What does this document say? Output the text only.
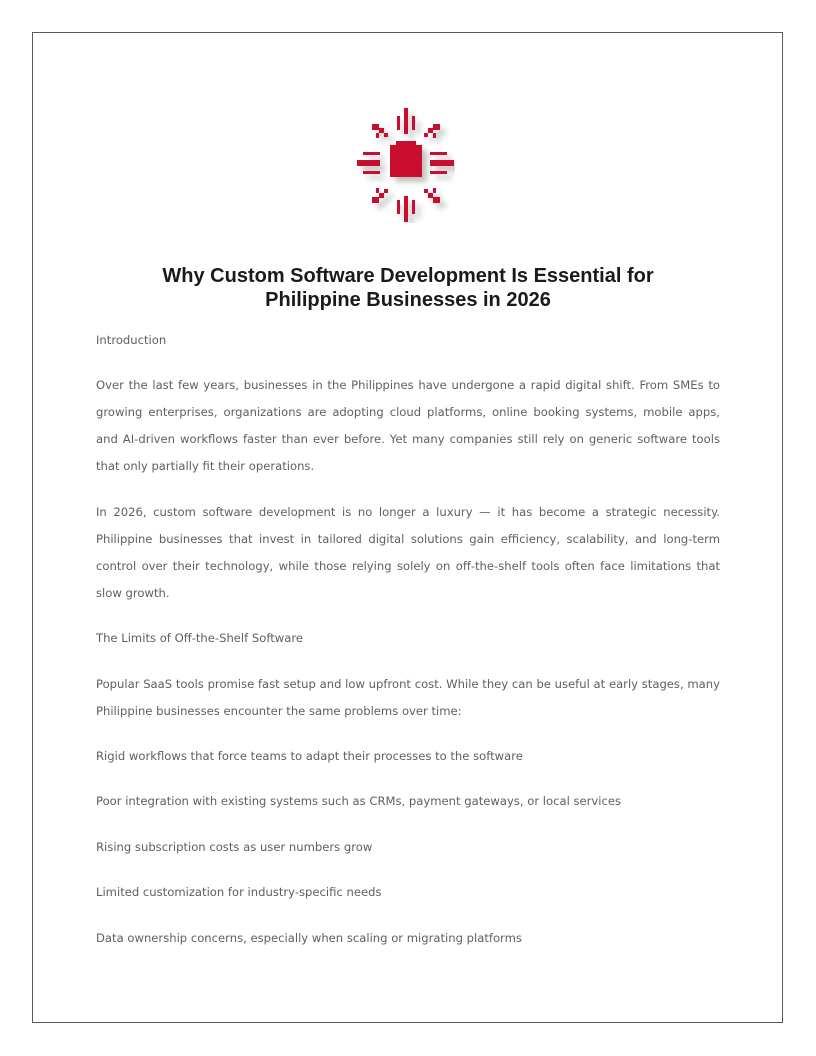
Why Custom Software Development Is Essential for
Philippine Businesses in 2026

Introduction

Over the last few years, businesses in the Philippines have undergone a rapid digital shift. From SMEs to growing enterprises, organizations are adopting cloud platforms, online booking systems, mobile apps, and AI-driven workflows faster than ever before. Yet many companies still rely on generic software tools that only partially fit their operations.

In 2026, custom software development is no longer a luxury — it has become a strategic necessity. Philippine businesses that invest in tailored digital solutions gain efficiency, scalability, and long-term control over their technology, while those relying solely on off-the-shelf tools often face limitations that slow growth.

The Limits of Off-the-Shelf Software

Popular SaaS tools promise fast setup and low upfront cost. While they can be useful at early stages, many Philippine businesses encounter the same problems over time:

Rigid workflows that force teams to adapt their processes to the software

Poor integration with existing systems such as CRMs, payment gateways, or local services

Rising subscription costs as user numbers grow

Limited customization for industry-specific needs

Data ownership concerns, especially when scaling or migrating platforms
